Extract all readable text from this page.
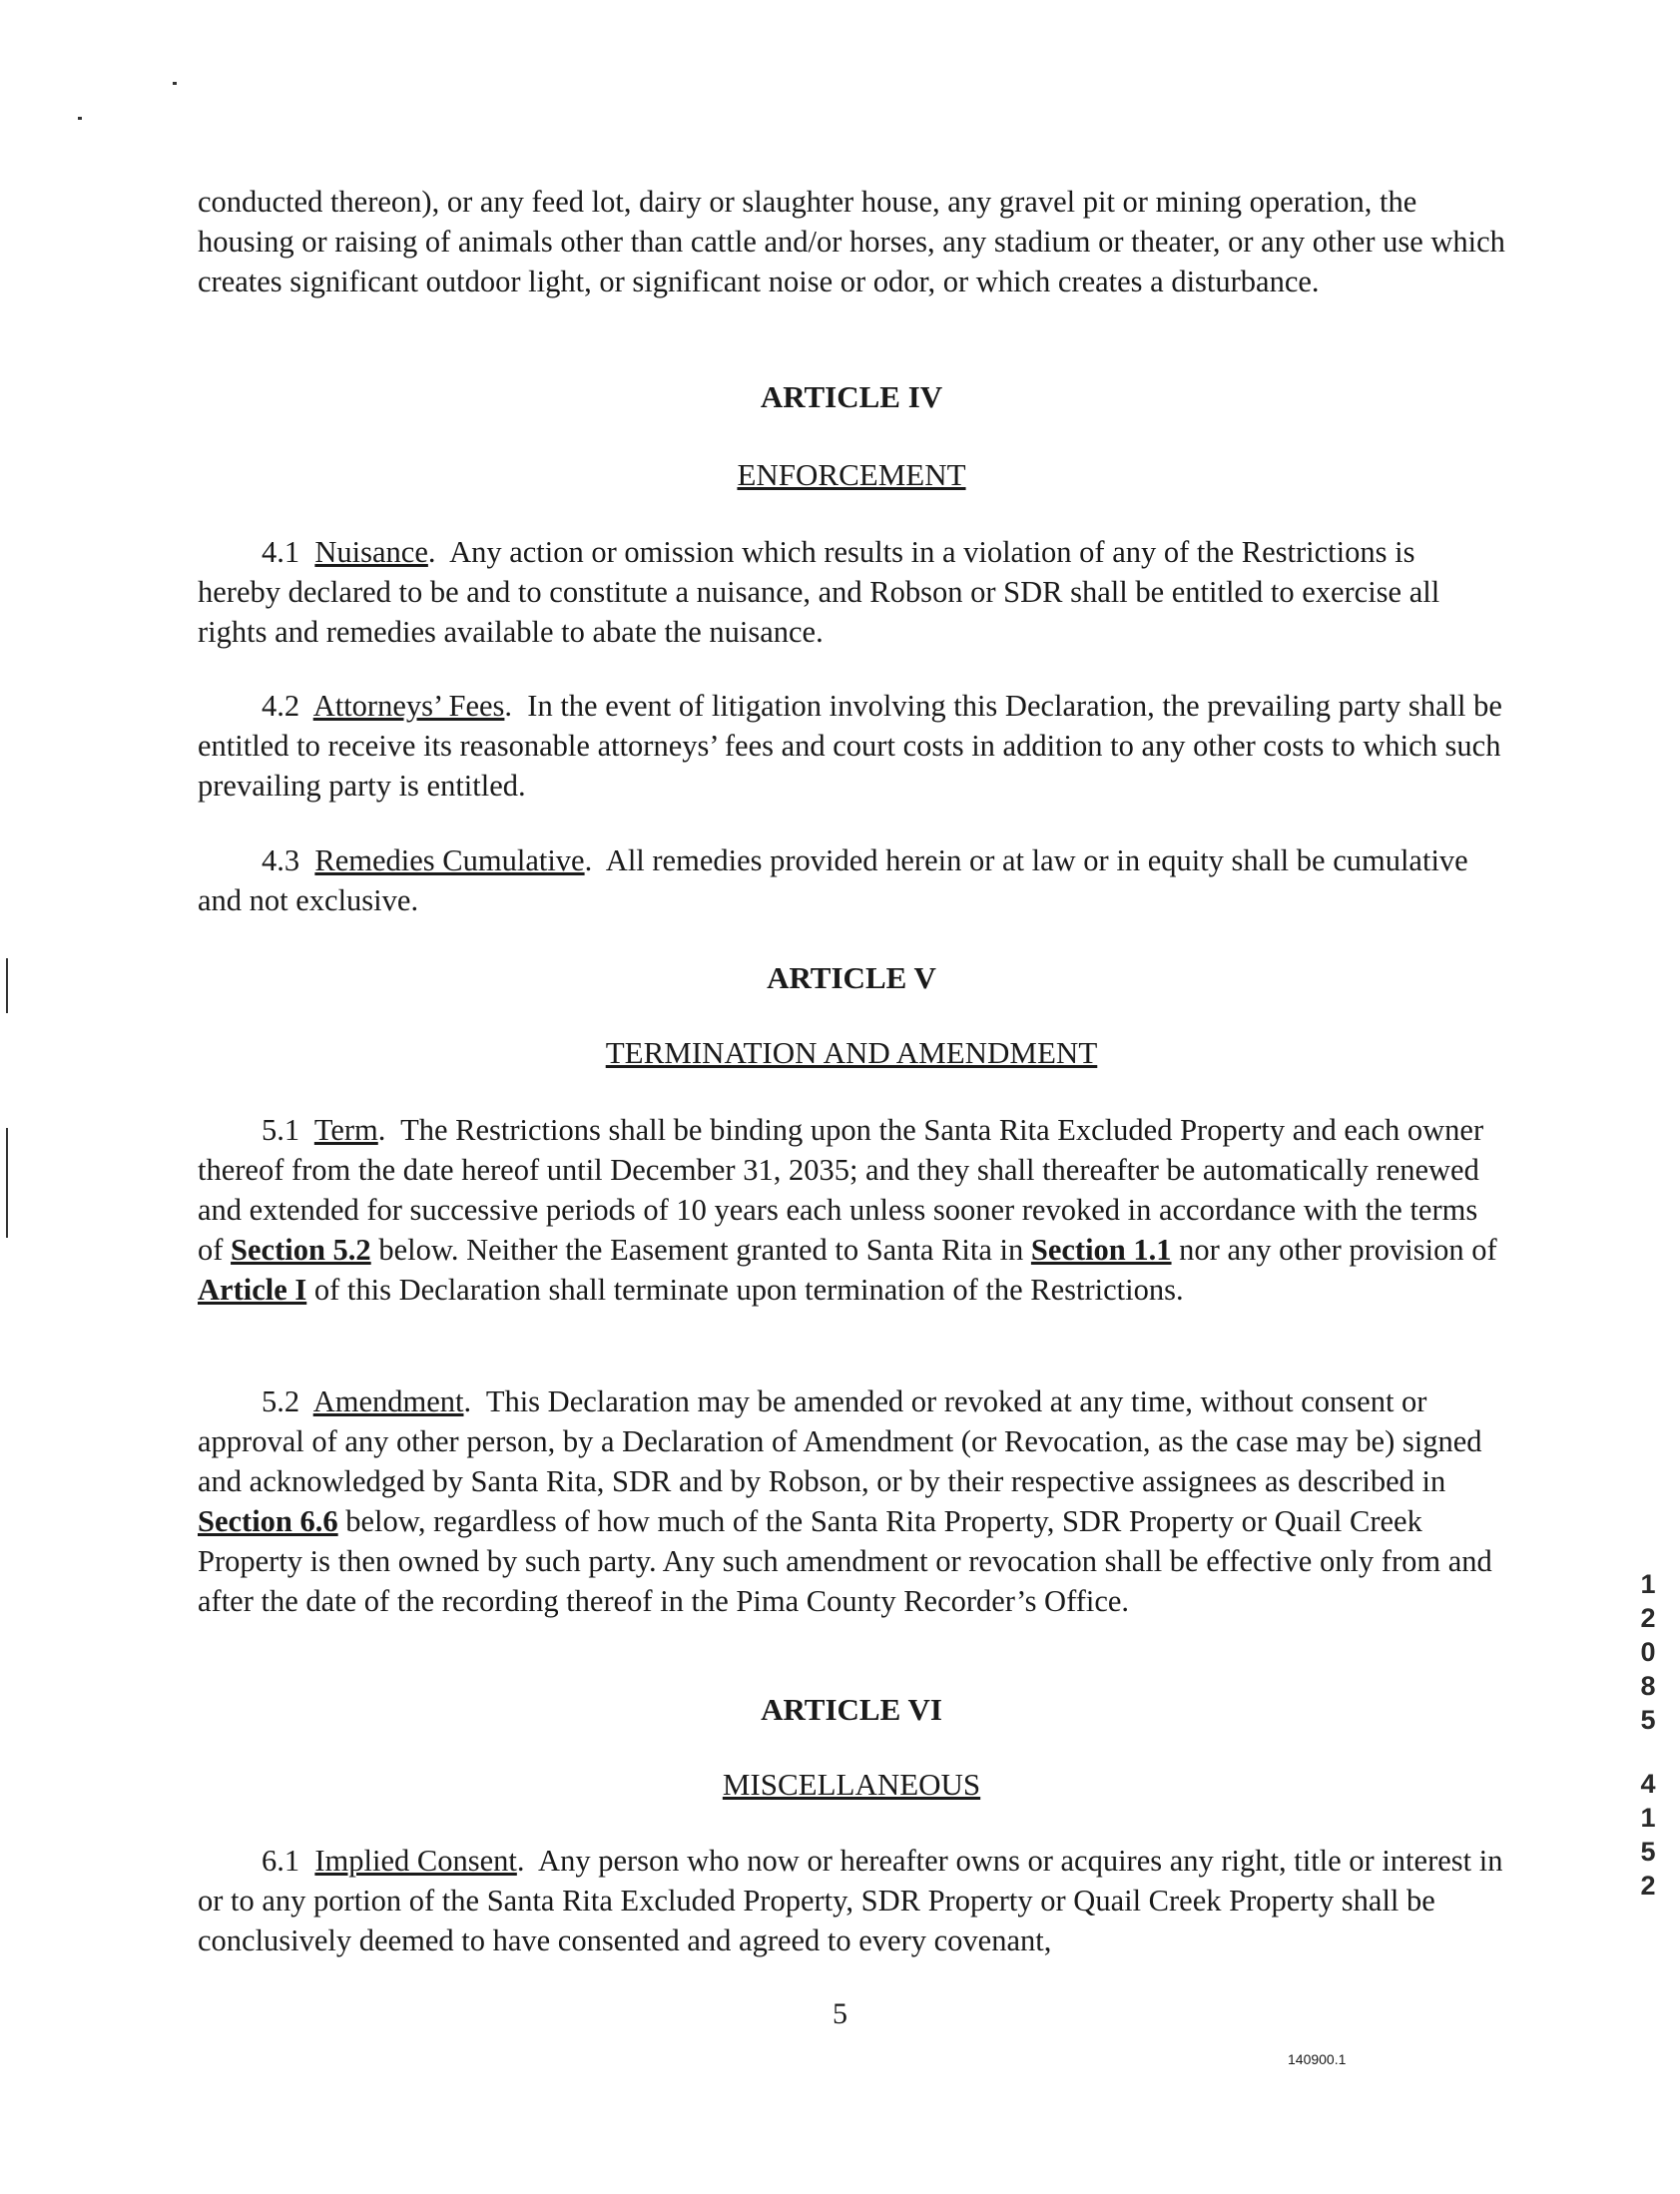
conducted thereon), or any feed lot, dairy or slaughter house, any gravel pit or mining operation, the housing or raising of animals other than cattle and/or horses, any stadium or theater, or any other use which creates significant outdoor light, or significant noise or odor, or which creates a disturbance.

ARTICLE IV
ENFORCEMENT

4.1 Nuisance.  Any action or omission which results in a violation of any of the Restrictions is hereby declared to be and to constitute a nuisance, and Robson or SDR shall be entitled to exercise all rights and remedies available to abate the nuisance.

4.2 Attorneys’ Fees.  In the event of litigation involving this Declaration, the prevailing party shall be entitled to receive its reasonable attorneys’ fees and court costs in addition to any other costs to which such prevailing party is entitled.

4.3 Remedies Cumulative.  All remedies provided herein or at law or in equity shall be cumulative and not exclusive.

ARTICLE V
TERMINATION AND AMENDMENT

5.1 Term.  The Restrictions shall be binding upon the Santa Rita Excluded Property and each owner thereof from the date hereof until December 31, 2035; and they shall thereafter be automatically renewed and extended for successive periods of 10 years each unless sooner revoked in accordance with the terms of Section 5.2 below. Neither the Easement granted to Santa Rita in Section 1.1 nor any other provision of Article I of this Declaration shall terminate upon termination of the Restrictions.

5.2 Amendment.  This Declaration may be amended or revoked at any time, without consent or approval of any other person, by a Declaration of Amendment (or Revocation, as the case may be) signed and acknowledged by Santa Rita, SDR and by Robson, or by their respective assignees as described in Section 6.6 below, regardless of how much of the Santa Rita Property, SDR Property or Quail Creek Property is then owned by such party. Any such amendment or revocation shall be effective only from and after the date of the recording thereof in the Pima County Recorder’s Office.

ARTICLE VI
MISCELLANEOUS

6.1 Implied Consent.  Any person who now or hereafter owns or acquires any right, title or interest in or to any portion of the Santa Rita Excluded Property, SDR Property or Quail Creek Property shall be conclusively deemed to have consented and agreed to every covenant,

1
2
0
8
5
4
1
5
2
5
140900.1
